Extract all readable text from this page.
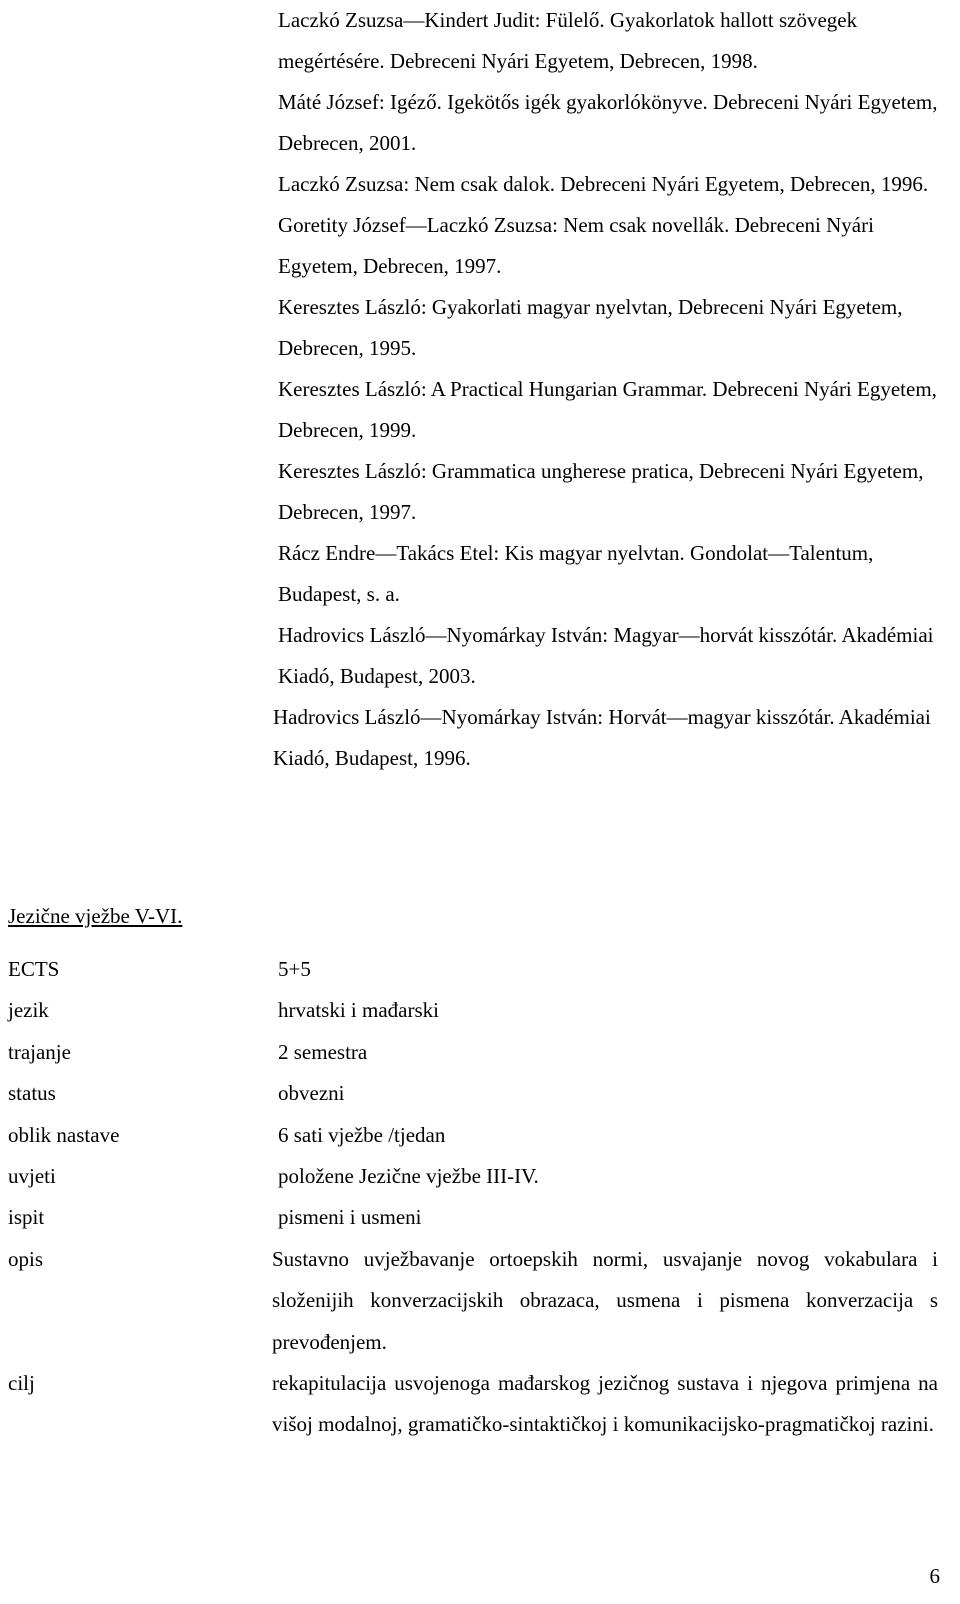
Laczkó Zsuzsa—Kindert Judit: Fülelő. Gyakorlatok hallott szövegek megértésére. Debreceni Nyári Egyetem, Debrecen, 1998.

Máté József: Igéző. Igekötős igék gyakorlókönyve. Debreceni Nyári Egyetem, Debrecen, 2001.

Laczkó Zsuzsa: Nem csak dalok. Debreceni Nyári Egyetem, Debrecen, 1996.

Goretity József—Laczkó Zsuzsa: Nem csak novellák. Debreceni Nyári Egyetem, Debrecen, 1997.

Keresztes László: Gyakorlati magyar nyelvtan, Debreceni Nyári Egyetem, Debrecen, 1995.

Keresztes László: A Practical Hungarian Grammar. Debreceni Nyári Egyetem, Debrecen, 1999.

Keresztes László: Grammatica ungherese pratica, Debreceni Nyári Egyetem, Debrecen, 1997.

Rácz Endre—Takács Etel: Kis magyar nyelvtan. Gondolat—Talentum, Budapest, s. a.

Hadrovics László—Nyomárkay István: Magyar—horvát kisszótár. Akadémiai Kiadó, Budapest, 2003.

Hadrovics László—Nyomárkay István: Horvát—magyar kisszótár. Akadémiai Kiadó, Budapest, 1996.

Jezične vježbe V-VI.

ECTS	5+5
jezik	hrvatski i mađarski
trajanje	2 semestra
status	obvezni
oblik nastave	6 sati vježbe /tjedan
uvjeti	položene Jezične vježbe III-IV.
ispit	pismeni i usmeni
opis	Sustavno uvježbavanje ortoepskih normi, usvajanje novog vokabulara i složenijih konverzacijskih obrazaca, usmena i pismena konverzacija s prevođenjem.
cilj	rekapitulacija usvojenoga mađarskog jezičnog sustava i njegova primjena na višoj modalnoj, gramatičko-sintaktičkoj i komunikacijsko-pragmatičkoj razini.
6
